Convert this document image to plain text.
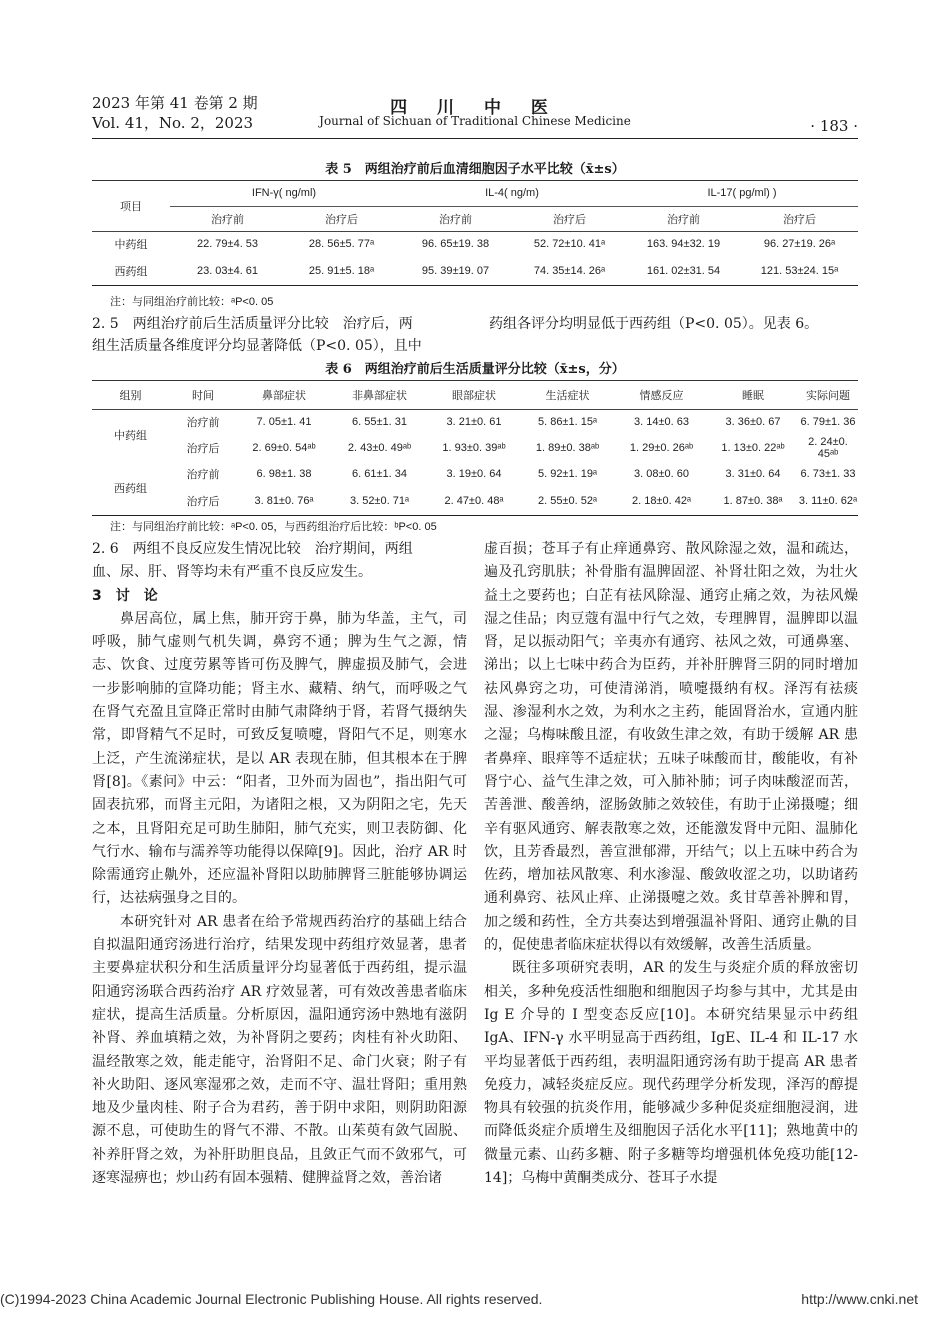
2023 年第 41 卷第 2 期
Vol. 41，No. 2，2023
四 川 中 医
Journal of Sichuan of Traditional Chinese Medicine	· 183 ·
表 5　两组治疗前后血清细胞因子水平比较（x̄±s）
项目	IFN-γ( ng/ml)		IL-4( ng/m)		IL-17( pg/ml) )	
	治疗前	治疗后	治疗前	治疗后	治疗前	治疗后
中药组	22. 79±4. 53	28. 56±5. 77ᵃ	96. 65±19. 38	52. 72±10. 41ᵃ	163. 94±32. 19	96. 27±19. 26ᵃ
西药组	23. 03±4. 61	25. 91±5. 18ᵃ	95. 39±19. 07	74. 35±14. 26ᵃ	161. 02±31. 54	121. 53±24. 15ᵃ
注：与同组治疗前比较：ᵃP<0. 05
2. 5　两组治疗前后生活质量评分比较　治疗后，两	药组各评分均明显低于西药组（P<0. 05）。见表 6。
组生活质量各维度评分均显著降低（P<0. 05），且中
表 6　两组治疗前后生活质量评分比较（x̄±s，分）
组别	时间	鼻部症状	非鼻部症状	眼部症状	生活症状	情感反应	睡眠	实际问题
中药组	治疗前	7. 05±1. 41	6. 55±1. 31	3. 21±0. 61	5. 86±1. 15ᵃ	3. 14±0. 63	3. 36±0. 67	6. 79±1. 36
	治疗后	2. 69±0. 54ᵃᵇ	2. 43±0. 49ᵃᵇ	1. 93±0. 39ᵃᵇ	1. 89±0. 38ᵃᵇ	1. 29±0. 26ᵃᵇ	1. 13±0. 22ᵃᵇ	2. 24±0. 45ᵃᵇ
西药组	治疗前	6. 98±1. 38	6. 61±1. 34	3. 19±0. 64	5. 92±1. 19ᵃ	3. 08±0. 60	3. 31±0. 64	6. 73±1. 33
	治疗后	3. 81±0. 76ᵃ	3. 52±0. 71ᵃ	2. 47±0. 48ᵃ	2. 55±0. 52ᵃ	2. 18±0. 42ᵃ	1. 87±0. 38ᵃ	3. 11±0. 62ᵃ
注：与同组治疗前比较：ᵃP<0. 05，与西药组治疗后比较：ᵇP<0. 05
2. 6　两组不良反应发生情况比较　治疗期间，两组
血、尿、肝、肾等均未有严重不良反应发生。
3　讨　论

鼻居高位，属上焦，肺开窍于鼻，肺为华盖，主气，司呼吸，肺气虚则气机失调，鼻窍不通；脾为生气之源，情志、饮食、过度劳累等皆可伤及脾气，脾虚损及肺气，会进一步影响肺的宣降功能；肾主水、藏精、纳气，而呼吸之气在肾气充盈且宣降正常时由肺气肃降纳于肾，若肾气摄纳失常，即肾精气不足时，可致反复喷嚏，肾阳气不足，则寒水上泛，产生流涕症状，是以 AR 表现在肺，但其根本在于脾肾[8]。《素问》中云：“阳者，卫外而为固也”，指出阳气可固表抗邪，而肾主元阳，为诸阳之根，又为阴阳之宅，先天之本，且肾阳充足可助生肺阳，肺气充实，则卫表防御、化气行水、输布与濡养等功能得以保障[9]。因此，治疗 AR 时除需通窍止鼽外，还应温补肾阳以助肺脾肾三脏能够协调运行，达祛病强身之目的。

本研究针对 AR 患者在给予常规西药治疗的基础上结合自拟温阳通窍汤进行治疗，结果发现中药组疗效显著，患者主要鼻症状积分和生活质量评分均显著低于西药组，提示温阳通窍汤联合西药治疗 AR 疗效显著，可有效改善患者临床症状，提高生活质量。分析原因，温阳通窍汤中熟地有滋阴补肾、养血填精之效，为补肾阴之要药；肉桂有补火助阳、温经散寒之效，能走能守，治肾阳不足、命门火衰；附子有补火助阳、逐风寒湿邪之效，走而不守、温壮肾阳；重用熟地及少量肉桂、附子合为君药，善于阴中求阳，则阴助阳源源不息，可使助生的肾气不滞、不散。山茱萸有敛气固脱、补养肝肾之效，为补肝助胆良品，且敛正气而不敛邪气，可逐寒湿痹也；炒山药有固本强精、健脾益肾之效，善治诸

虚百损；苍耳子有止痒通鼻窍、散风除湿之效，温和疏达，遍及孔窍肌肤；补骨脂有温脾固涩、补肾壮阳之效，为壮火益土之要药也；白芷有祛风除湿、通窍止痛之效，为祛风燥湿之佳品；肉豆蔻有温中行气之效，专理脾胃，温脾即以温肾，足以振动阳气；辛夷亦有通窍、祛风之效，可通鼻塞、涕出；以上七味中药合为臣药，并补肝脾肾三阴的同时增加祛风鼻窍之功，可使清涕消，喷嚏摄纳有权。泽泻有祛痰湿、渗湿利水之效，为利水之主药，能固肾治水，宣通内脏之湿；乌梅味酸且涩，有收敛生津之效，有助于缓解 AR 患者鼻痒、眼痒等不适症状；五味子味酸而甘，酸能收，有补肾宁心、益气生津之效，可入肺补肺；诃子肉味酸涩而苦，苦善泄、酸善纳，涩肠敛肺之效较佳，有助于止涕摄嚏；细辛有驱风通窍、解表散寒之效，还能激发肾中元阳、温肺化饮，且芳香最烈，善宣泄郁滞，开结气；以上五味中药合为佐药，增加祛风散寒、利水渗湿、酸敛收涩之功，以助诸药通利鼻窍、祛风止痒、止涕摄嚏之效。炙甘草善补脾和胃，加之缓和药性，全方共奏达到增强温补肾阳、通窍止鼽的目的，促使患者临床症状得以有效缓解，改善生活质量。

既往多项研究表明，AR 的发生与炎症介质的释放密切相关，多种免疫活性细胞和细胞因子均参与其中，尤其是由 Ig E 介导的 I 型变态反应[10]。本研究结果显示中药组 IgA、IFN-γ 水平明显高于西药组，IgE、IL-4 和 IL-17 水平均显著低于西药组，表明温阳通窍汤有助于提高 AR 患者免疫力，减轻炎症反应。现代药理学分析发现，泽泻的醇提物具有较强的抗炎作用，能够减少多种促炎症细胞浸润，进而降低炎症介质增生及细胞因子活化水平[11]；熟地黄中的微量元素、山药多糖、附子多糖等均增强机体免疫功能[12-14]；乌梅中黄酮类成分、苍耳子水提

(C)1994-2023 China Academic Journal Electronic Publishing House. All rights reserved.	http://www.cnki.net
